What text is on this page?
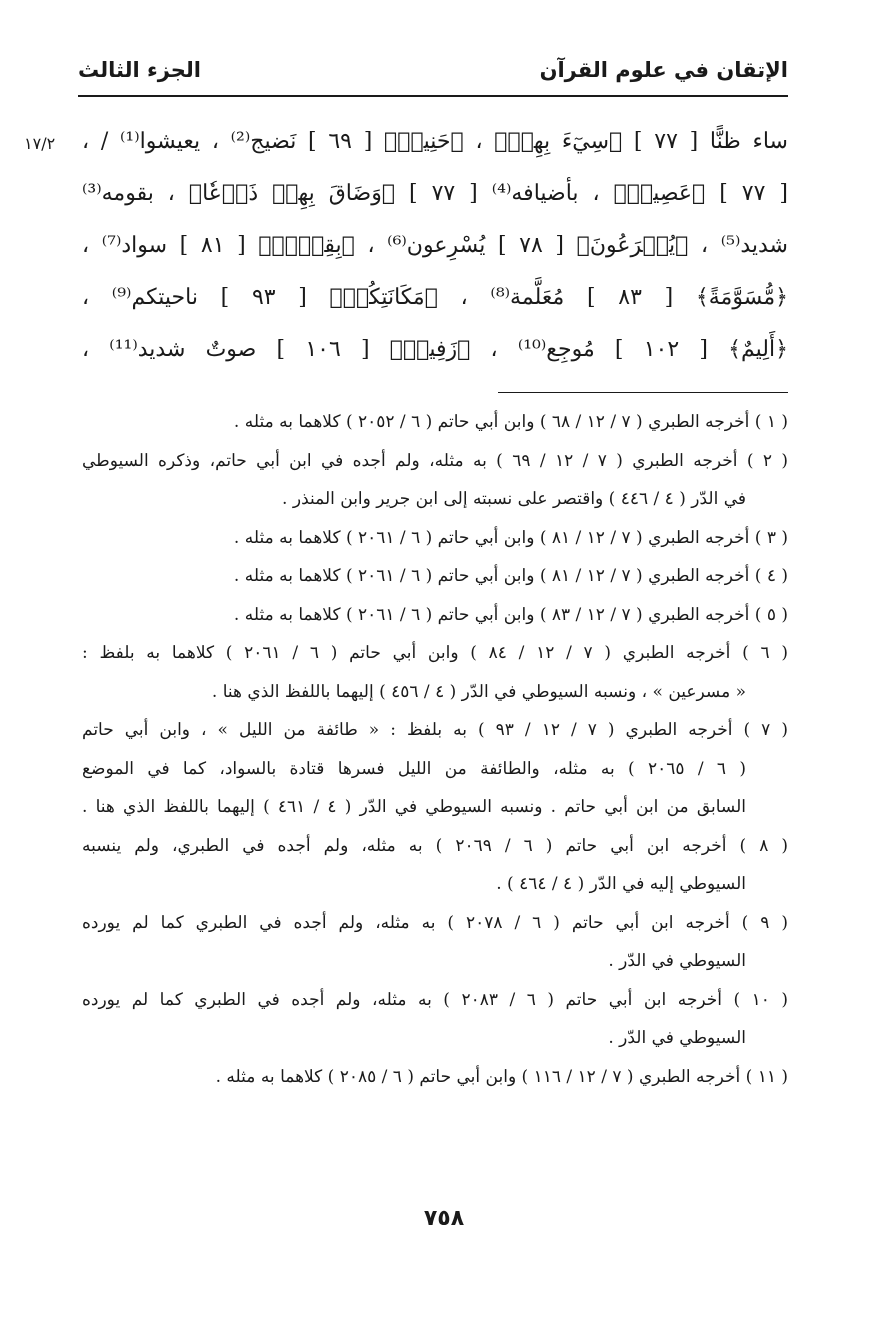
الإتقان في علوم القرآن
الجزء الثالث
١٧/٢	ساء ظنًّا [ ٧٧ ] ﴿سِيٓءَ بِهِمۡ﴾ ، ﴿حَنِيذٖ﴾ [ ٦٩ ] نَضيج⁽²⁾ ، يعيشوا⁽¹⁾ / ،
[ ٧٧ ] ﴿عَصِيبٞ﴾ ، بأضيافه⁽⁴⁾ [ ٧٧ ] ﴿وَضَاقَ بِهِمۡ ذَرۡعٗا﴾ ، بقومه⁽³⁾
شديد⁽⁵⁾ ، ﴿يُهۡرَعُونَ﴾ [ ٧٨ ] يُسْرِعون⁽⁶⁾ ، ﴿بِقِطۡعٖ﴾ [ ٨١ ] سواد⁽⁷⁾ ،
﴿مُّسَوَّمَةً﴾ [ ٨٣ ] مُعَلَّمة⁽⁸⁾ ، ﴿مَكَانَتِكُمۡ﴾ [ ٩٣ ] ناحيتكم⁽⁹⁾ ،
﴿أَلِيمٌ﴾ [ ١٠٢ ] مُوجِع⁽¹⁰⁾ ، ﴿زَفِيرٞ﴾ [ ١٠٦ ] صوتٌ شديد⁽¹¹⁾ ،
( ١ ) أخرجه الطبري ( ٧ / ١٢ / ٦٨ ) وابن أبي حاتم ( ٦ / ٢٠٥٢ ) كلاهما به مثله .
( ٢ ) أخرجه الطبري ( ٧ / ١٢ / ٦٩ ) به مثله، ولم أجده في ابن أبي حاتم، وذكره السيوطي
في الدّر ( ٤ / ٤٤٦ ) واقتصر على نسبته إلى ابن جرير وابن المنذر .
( ٣ ) أخرجه الطبري ( ٧ / ١٢ / ٨١ ) وابن أبي حاتم ( ٦ / ٢٠٦١ ) كلاهما به مثله .
( ٤ ) أخرجه الطبري ( ٧ / ١٢ / ٨١ ) وابن أبي حاتم ( ٦ / ٢٠٦١ ) كلاهما به مثله .
( ٥ ) أخرجه الطبري ( ٧ / ١٢ / ٨٣ ) وابن أبي حاتم ( ٦ / ٢٠٦١ ) كلاهما به مثله .
( ٦ ) أخرجه الطبري ( ٧ / ١٢ / ٨٤ ) وابن أبي حاتم ( ٦ / ٢٠٦١ ) كلاهما به بلفظ :
« مسرعين » ، ونسبه السيوطي في الدّر ( ٤ / ٤٥٦ ) إليهما باللفظ الذي هنا .
( ٧ ) أخرجه الطبري ( ٧ / ١٢ / ٩٣ ) به بلفظ : « طائفة من الليل » ، وابن أبي حاتم
( ٦ / ٢٠٦٥ ) به مثله، والطائفة من الليل فسرها قتادة بالسواد، كما في الموضع
السابق من ابن أبي حاتم . ونسبه السيوطي في الدّر ( ٤ / ٤٦١ ) إليهما باللفظ الذي هنا .
( ٨ ) أخرجه ابن أبي حاتم ( ٦ / ٢٠٦٩ ) به مثله، ولم أجده في الطبري، ولم ينسبه
السيوطي إليه في الدّر ( ٤ / ٤٦٤ ) .
( ٩ ) أخرجه ابن أبي حاتم ( ٦ / ٢٠٧٨ ) به مثله، ولم أجده في الطبري كما لم يورده
السيوطي في الدّر .
( ١٠ ) أخرجه ابن أبي حاتم ( ٦ / ٢٠٨٣ ) به مثله، ولم أجده في الطبري كما لم يورده
السيوطي في الدّر .
( ١١ ) أخرجه الطبري ( ٧ / ١٢ / ١١٦ ) وابن أبي حاتم ( ٦ / ٢٠٨٥ ) كلاهما به مثله .
٧٥٨
